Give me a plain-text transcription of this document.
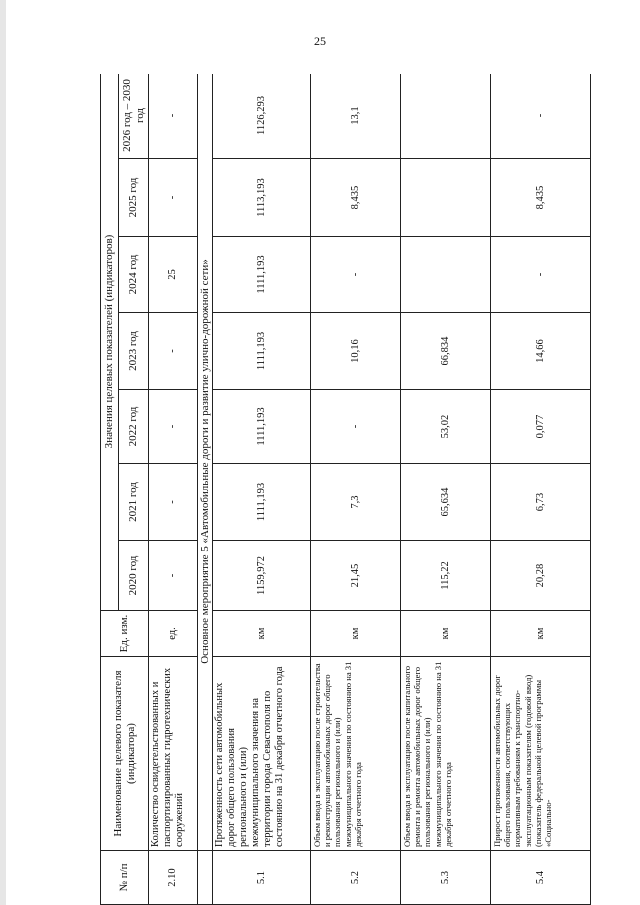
25
№ п/п	Наименование целевого показателя (индикатора)	Ед. изм.	Значения целевых показателей (индикаторов)						
			2020 год	2021 год	2022 год	2023 год	2024 год	2025 год	2026 год – 2030 год
2.10	Количество освидетельствованных и паспортизированных гидротехнических сооружений	ед.	-	-	-	-	25	-	-
	Основное мероприятие 5 «Автомобильные дороги и развитие улично-дорожной сети»								
5.1	Протяженность сети автомобильных дорог общего пользования регионального и (или) межмуниципального значения на территории города Севастополя по состоянию на 31 декабря отчетного года	км	1159,972	1111,193	1111,193	1111,193	1111,193	1113,193	1126,293
5.2	Объем ввода в эксплуатацию после строительства и реконструкции автомобильных дорог общего пользования регионального и (или) межмуниципального значения по состоянию на 31 декабря отчетного года	км	21,45	7,3	-	10,16	-	8,435	13,1
5.3	Объем ввода в эксплуатацию после капитального ремонта и ремонта автомобильных дорог общего пользования регионального и (или) межмуниципального значения по состоянию на 31 декабря отчетного года	км	115,22	65,634	53,02	66,834			
5.4	Прирост протяженности автомобильных дорог общего пользования, соответствующих нормативным требованиям к транспортно-эксплуатационным показателям (годовой ввод) (показатель федеральной целевой программы «Социально-	км	20,28	6,73	0,077	14,66	-	8,435	-
